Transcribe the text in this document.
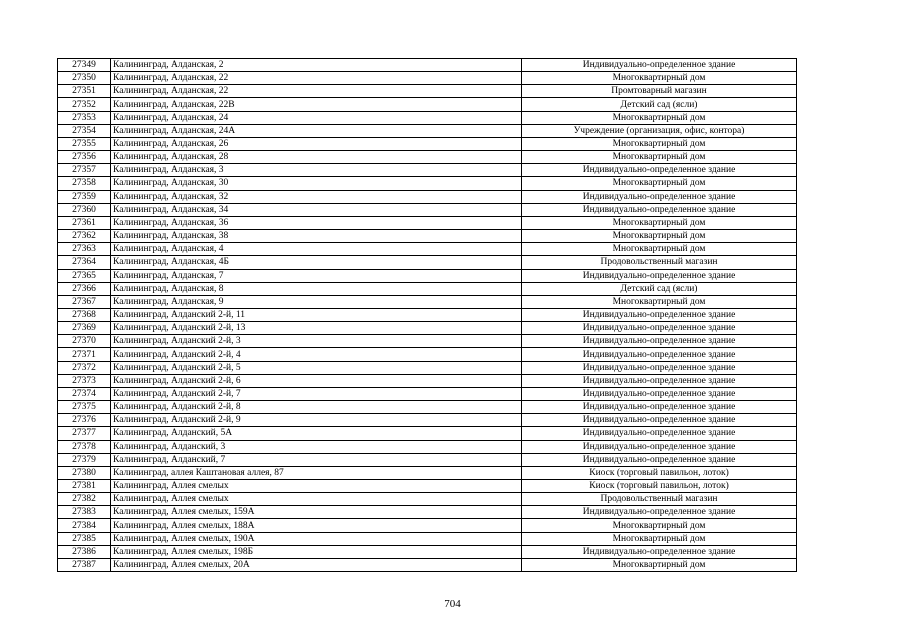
27349	Калининград, Алданская, 2	Индивидуально-определенное здание
27350	Калининград, Алданская, 22	Многоквартирный дом
27351	Калининград, Алданская, 22	Промтоварный магазин
27352	Калининград, Алданская, 22В	Детский сад (ясли)
27353	Калининград, Алданская, 24	Многоквартирный дом
27354	Калининград, Алданская, 24А	Учреждение (организация, офис, контора)
27355	Калининград, Алданская, 26	Многоквартирный дом
27356	Калининград, Алданская, 28	Многоквартирный дом
27357	Калининград, Алданская, 3	Индивидуально-определенное здание
27358	Калининград, Алданская, 30	Многоквартирный дом
27359	Калининград, Алданская, 32	Индивидуально-определенное здание
27360	Калининград, Алданская, 34	Индивидуально-определенное здание
27361	Калининград, Алданская, 36	Многоквартирный дом
27362	Калининград, Алданская, 38	Многоквартирный дом
27363	Калининград, Алданская, 4	Многоквартирный дом
27364	Калининград, Алданская, 4Б	Продовольственный магазин
27365	Калининград, Алданская, 7	Индивидуально-определенное здание
27366	Калининград, Алданская, 8	Детский сад (ясли)
27367	Калининград, Алданская, 9	Многоквартирный дом
27368	Калининград, Алданский 2-й, 11	Индивидуально-определенное здание
27369	Калининград, Алданский 2-й, 13	Индивидуально-определенное здание
27370	Калининград, Алданский 2-й, 3	Индивидуально-определенное здание
27371	Калининград, Алданский 2-й, 4	Индивидуально-определенное здание
27372	Калининград, Алданский 2-й, 5	Индивидуально-определенное здание
27373	Калининград, Алданский 2-й, 6	Индивидуально-определенное здание
27374	Калининград, Алданский 2-й, 7	Индивидуально-определенное здание
27375	Калининград, Алданский 2-й, 8	Индивидуально-определенное здание
27376	Калининград, Алданский 2-й, 9	Индивидуально-определенное здание
27377	Калининград, Алданский, 5А	Индивидуально-определенное здание
27378	Калининград, Алданский, 3	Индивидуально-определенное здание
27379	Калининград, Алданский, 7	Индивидуально-определенное здание
27380	Калининград, аллея Каштановая аллея, 87	Киоск (торговый павильон, лоток)
27381	Калининград, Аллея смелых	Киоск (торговый павильон, лоток)
27382	Калининград, Аллея смелых	Продовольственный магазин
27383	Калининград, Аллея смелых, 159А	Индивидуально-определенное здание
27384	Калининград, Аллея смелых, 188А	Многоквартирный дом
27385	Калининград, Аллея смелых, 190А	Многоквартирный дом
27386	Калининград, Аллея смелых, 198Б	Индивидуально-определенное здание
27387	Калининград, Аллея смелых, 20А	Многоквартирный дом
704
